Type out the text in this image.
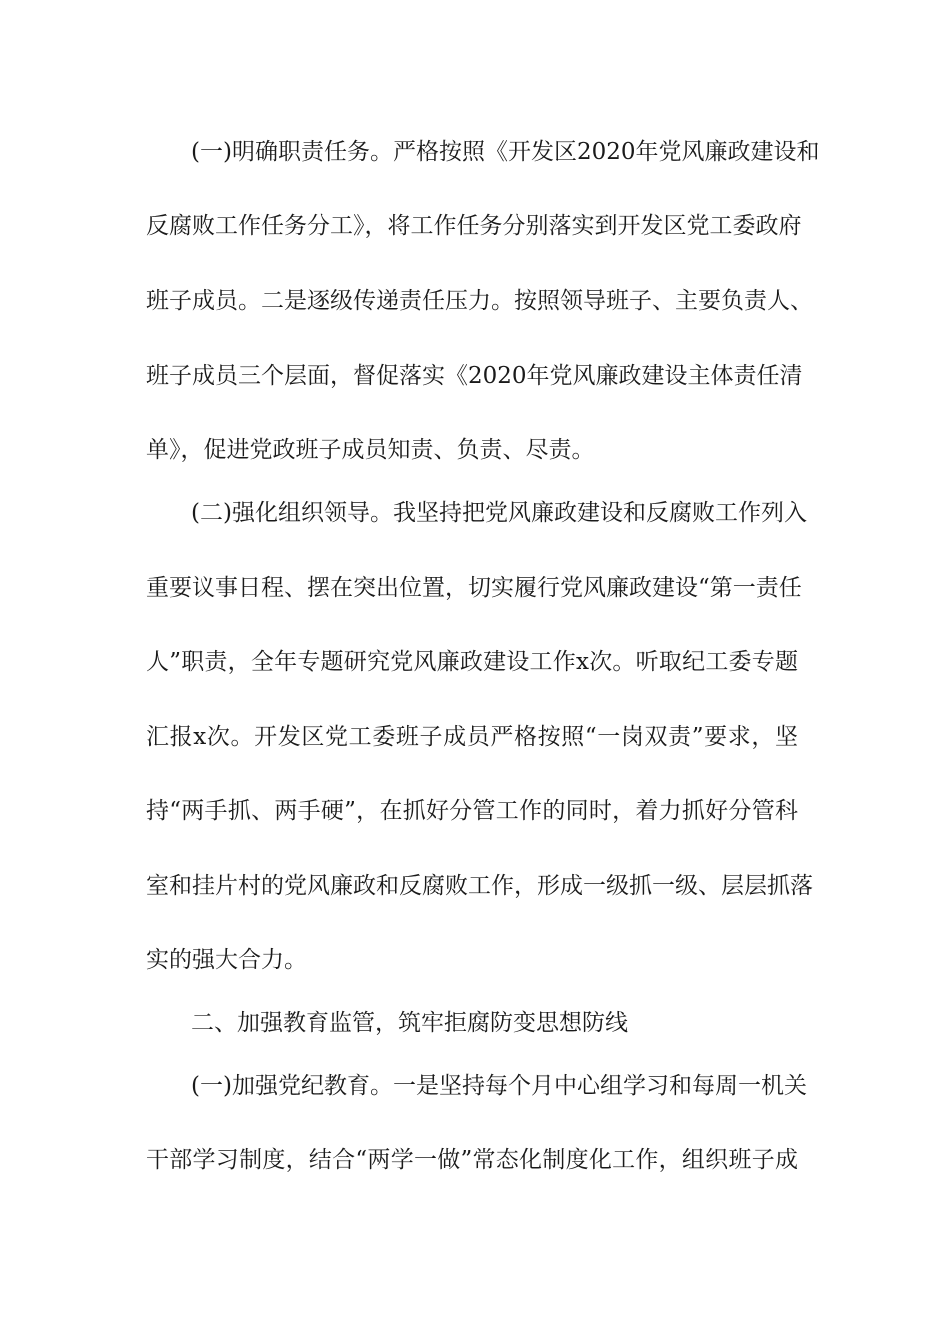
(一)明确职责任务。严格按照《开发区2020年党风廉政建设和
反腐败工作任务分工》，将工作任务分别落实到开发区党工委政府
班子成员。二是逐级传递责任压力。按照领导班子、主要负责人、
班子成员三个层面，督促落实《2020年党风廉政建设主体责任清
单》，促进党政班子成员知责、负责、尽责。
(二)强化组织领导。我坚持把党风廉政建设和反腐败工作列入
重要议事日程、摆在突出位置，切实履行党风廉政建设“第一责任
人”职责，全年专题研究党风廉政建设工作x次。听取纪工委专题
汇报x次。开发区党工委班子成员严格按照“一岗双责”要求，坚
持“两手抓、两手硬”，在抓好分管工作的同时，着力抓好分管科
室和挂片村的党风廉政和反腐败工作，形成一级抓一级、层层抓落
实的强大合力。
二、加强教育监管，筑牢拒腐防变思想防线
(一)加强党纪教育。一是坚持每个月中心组学习和每周一机关
干部学习制度，结合“两学一做”常态化制度化工作，组织班子成
